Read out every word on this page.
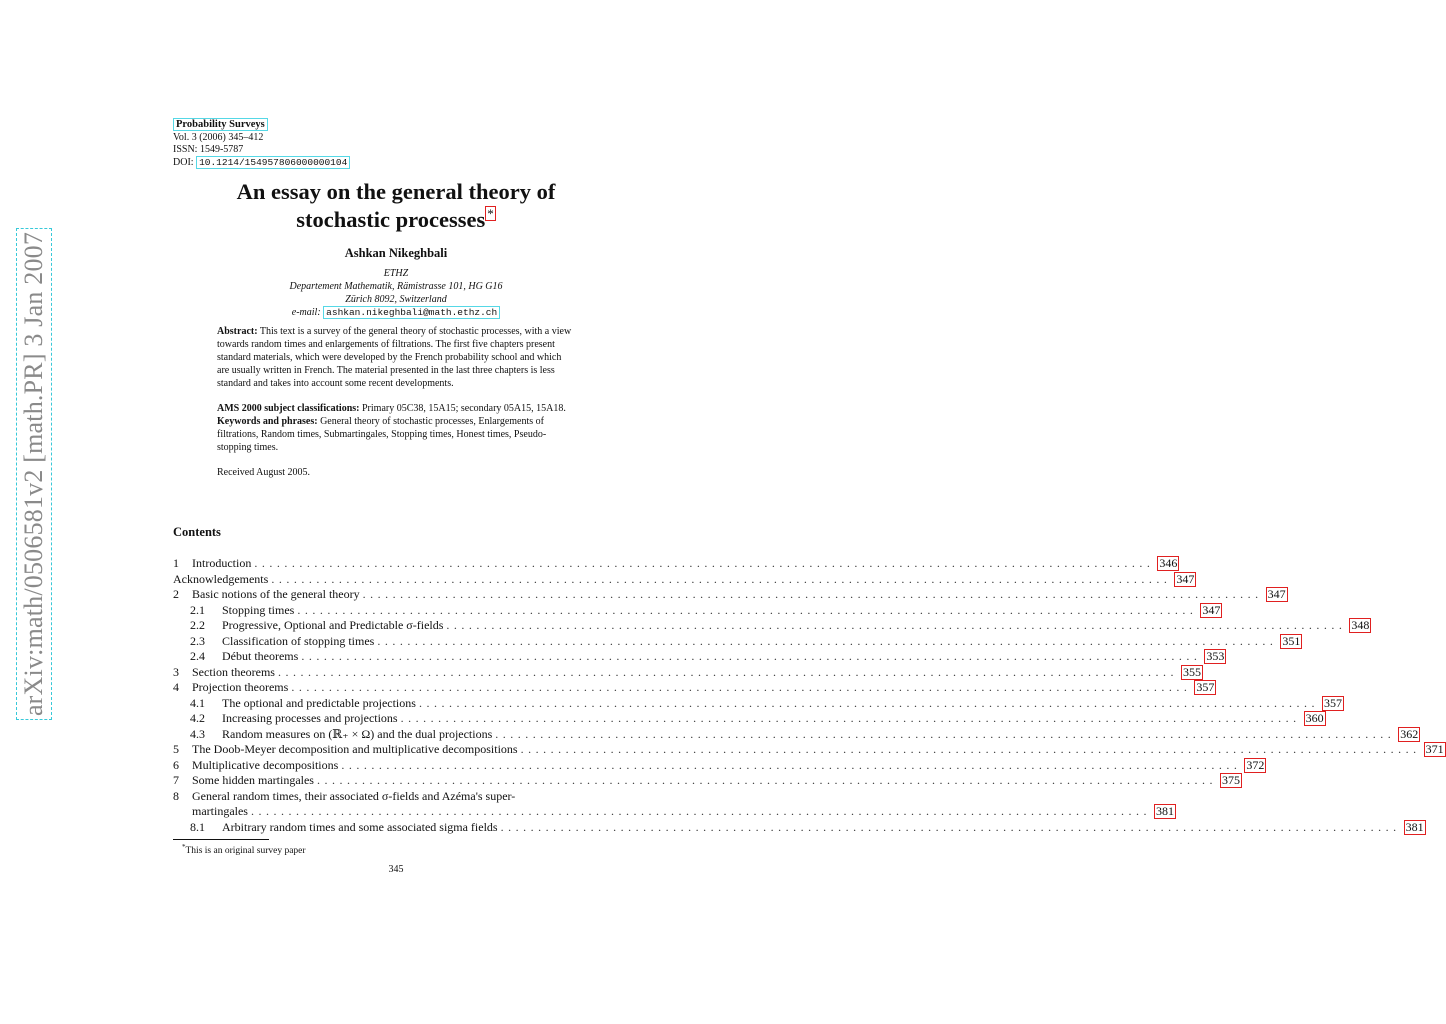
arXiv:math/0506581v2 [math.PR] 3 Jan 2007
Probability Surveys
Vol. 3 (2006) 345–412
ISSN: 1549-5787
DOI: 10.1214/154957806000000104
An essay on the general theory of
stochastic processes *
Ashkan Nikeghbali
ETHZ
Departement Mathematik, Rämistrasse 101, HG G16
Zürich 8092, Switzerland
e-mail: ashkan.nikeghbali@math.ethz.ch

Abstract: This text is a survey of the general theory of stochastic processes, with a view towards random times and enlargements of filtrations. The first five chapters present standard materials, which were developed by the French probability school and which are usually written in French. The material presented in the last three chapters is less standard and takes into account some recent developments.

AMS 2000 subject classifications: Primary 05C38, 15A15; secondary 05A15, 15A18.

Keywords and phrases: General theory of stochastic processes, Enlargements of filtrations, Random times, Submartingales, Stopping times, Honest times, Pseudo-stopping times.

Received August 2005.

Contents
1	Introduction ........................................................................................................................ 346
Acknowledgements ........................................................................................................................ 347
2	Basic notions of the general theory ........................................................................................................................ 347
2.1	Stopping times ........................................................................................................................ 347
2.2	Progressive, Optional and Predictable σ-fields ........................................................................................................................ 348
2.3	Classification of stopping times ........................................................................................................................ 351
2.4	Début theorems ........................................................................................................................ 353
3	Section theorems ........................................................................................................................ 355
4	Projection theorems ........................................................................................................................ 357
4.1	The optional and predictable projections ........................................................................................................................ 357
4.2	Increasing processes and projections ........................................................................................................................ 360
4.3	Random measures on (ℝ₊ × Ω) and the dual projections ........................................................................................................................ 362
5	The Doob-Meyer decomposition and multiplicative decompositions ........................................................................................................................ 371
6	Multiplicative decompositions ........................................................................................................................ 372
7	Some hidden martingales ........................................................................................................................ 375
8	General random times, their associated σ-fields and Azéma's super-
martingales ........................................................................................................................ 381
8.1	Arbitrary random times and some associated sigma fields ........................................................................................................................ 381
*This is an original survey paper
345
